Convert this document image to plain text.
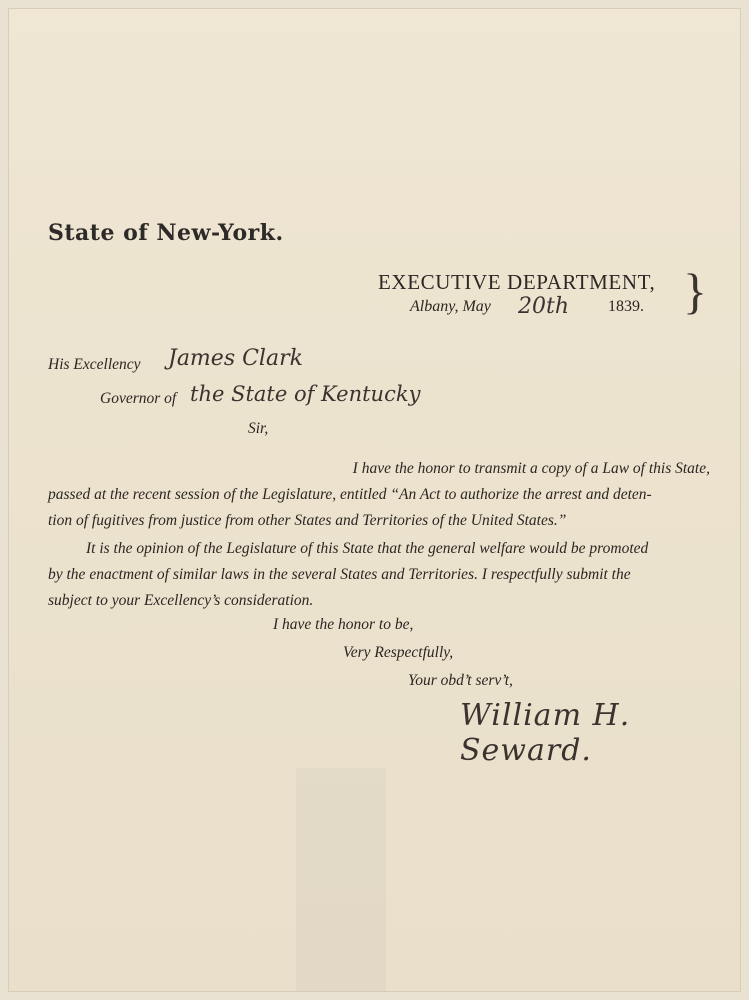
State of New-York.
EXECUTIVE DEPARTMENT, }
Albany, May 20th 1839.
His Excellency James Clark
Governor of the State of Kentucky
Sir,
I have the honor to transmit a copy of a Law of this State,
passed at the recent session of the Legislature, entitled “An Act to authorize the arrest and deten-
tion of fugitives from justice from other States and Territories of the United States.”
It is the opinion of the Legislature of this State that the general welfare would be promoted
by the enactment of similar laws in the several States and Territories. I respectfully submit the
subject to your Excellency’s consideration.
I have the honor to be,
Very Respectfully,
Your obd’t serv’t,
William H. Seward.
